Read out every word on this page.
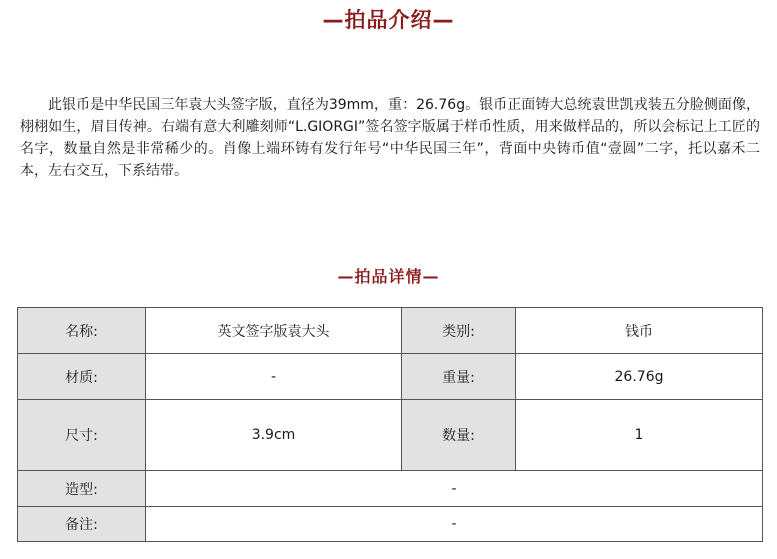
—拍品介绍—

此银币是中华民国三年袁大头签字版，直径为39mm，重：26.76g。银币正面铸大总统袁世凯戎装五分脸侧面像，栩栩如生，眉目传神。右端有意大利雕刻师“L.GIORGI”签名签字版属于样币性质，用来做样品的，所以会标记上工匠的名字，数量自然是非常稀少的。肖像上端环铸有发行年号“中华民国三年”，背面中央铸币值“壹圆”二字，托以嘉禾二本，左右交互，下系结带。

—拍品详情—
名称:	英文签字版袁大头	类别:	钱币
材质:	-	重量:	26.76g
尺寸:	3.9cm	数量:	1
造型:	-		
备注:	-		
